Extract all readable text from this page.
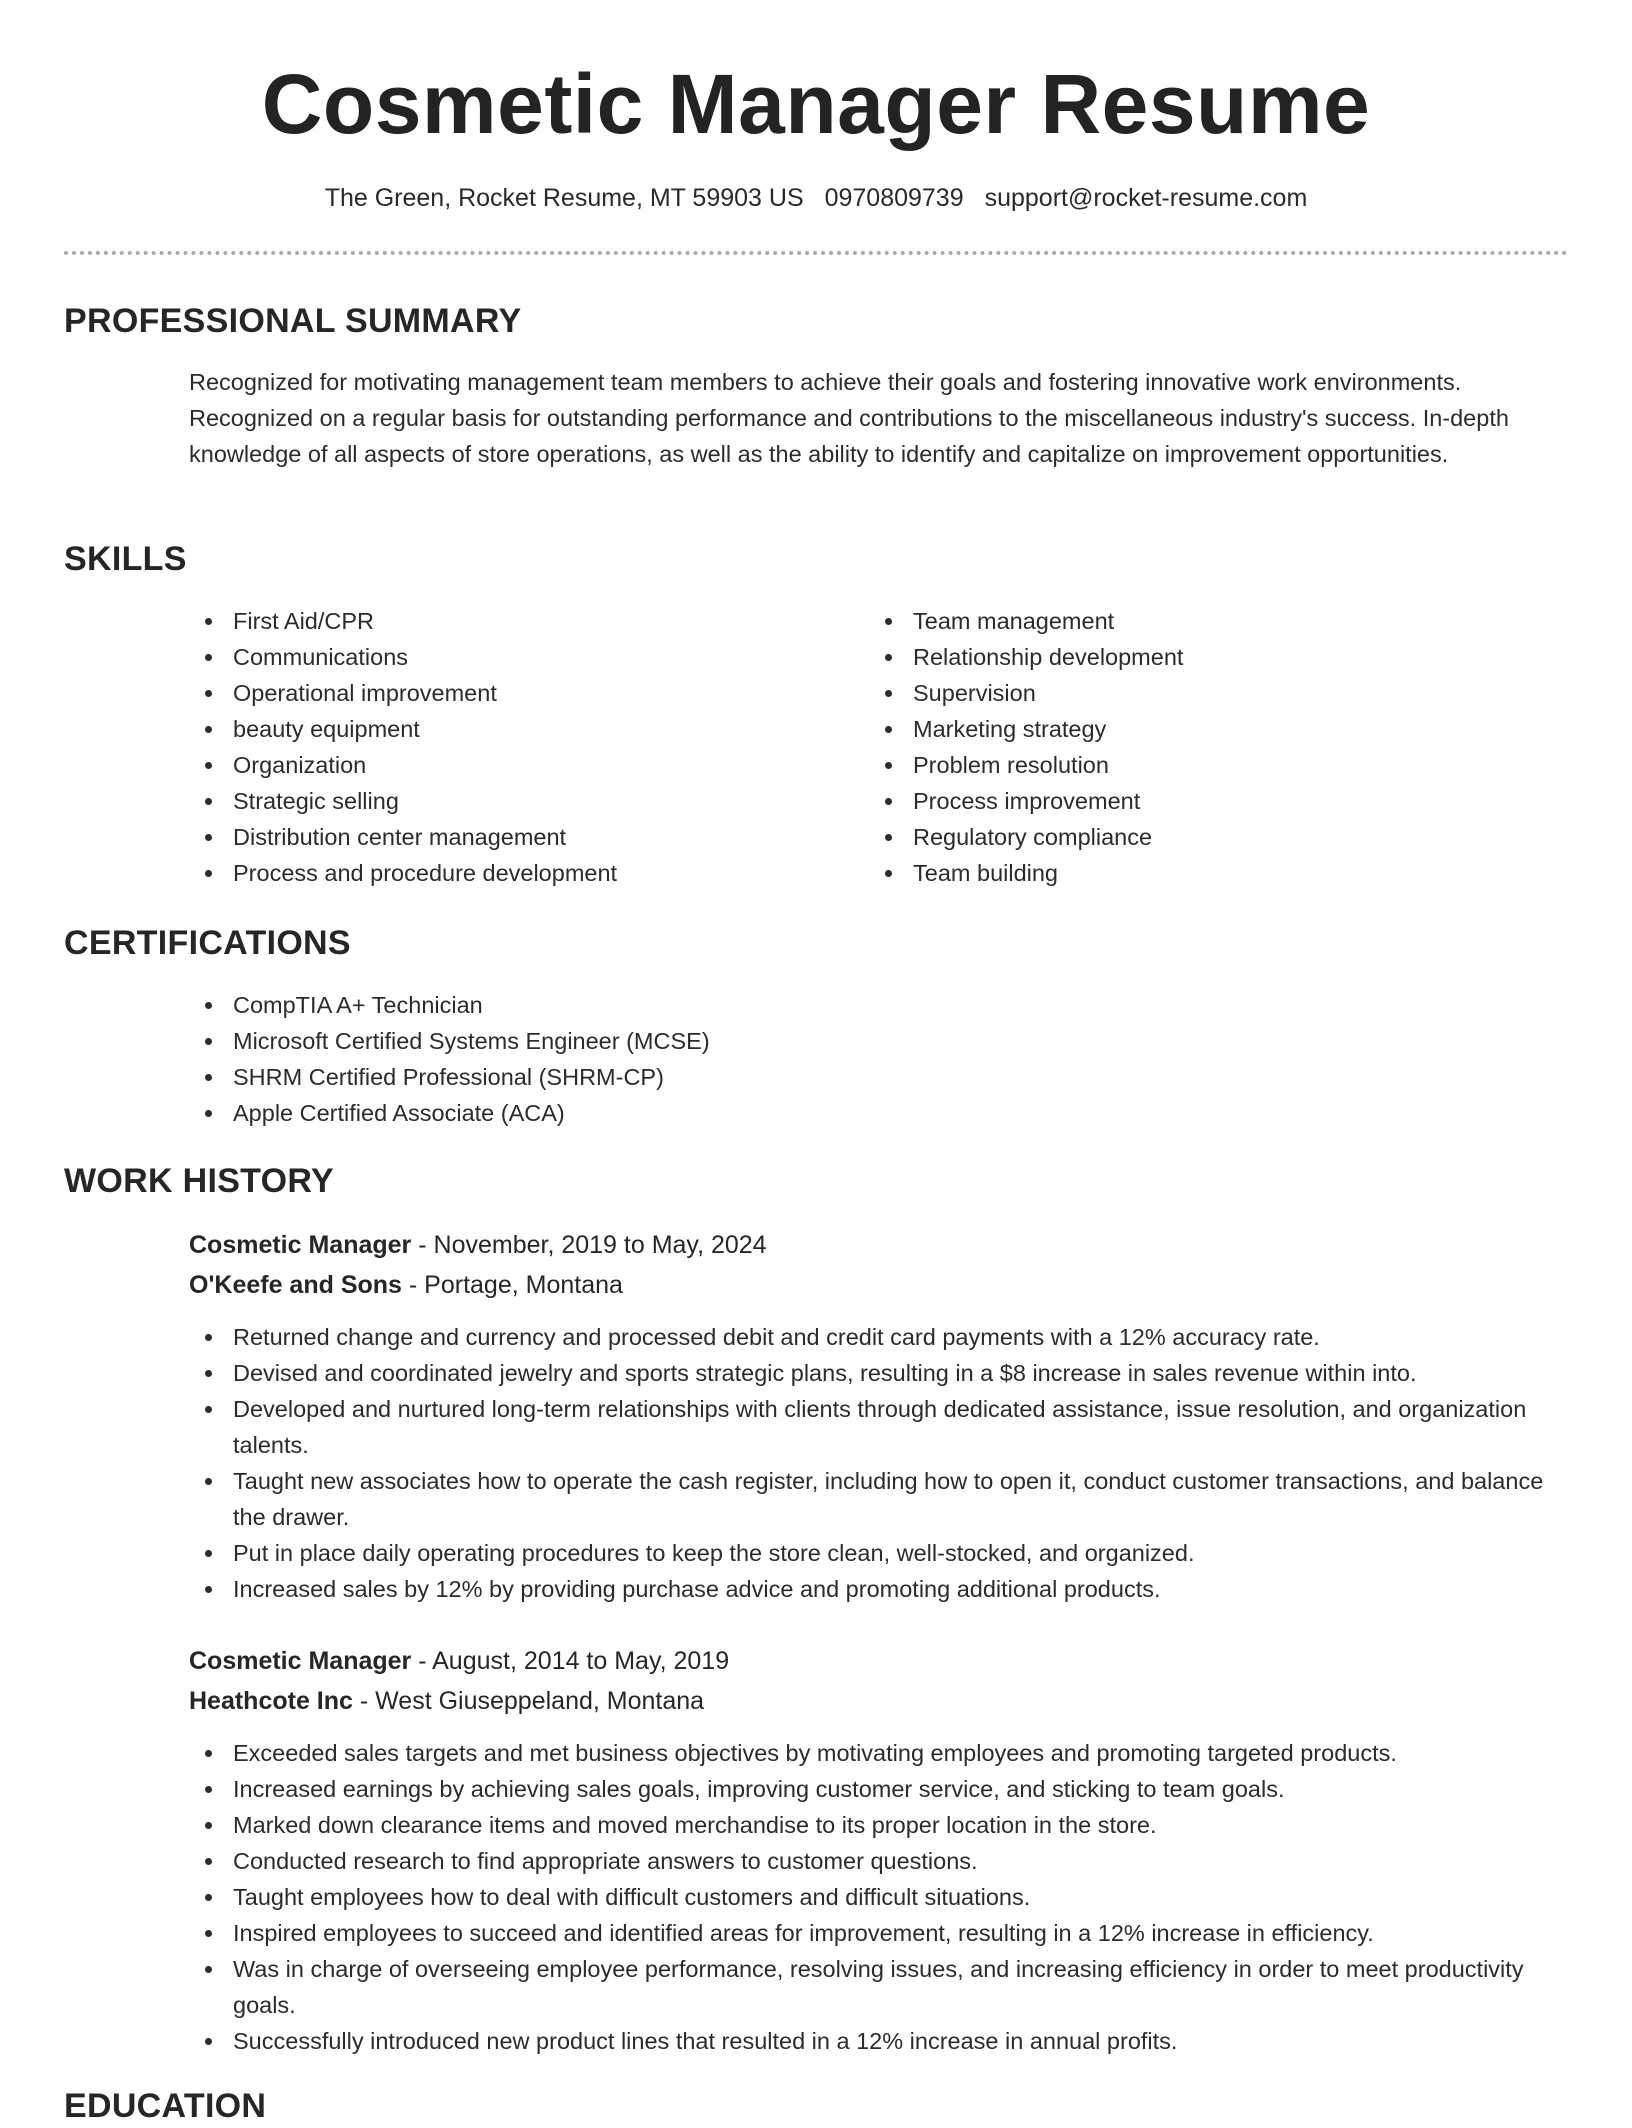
Cosmetic Manager Resume
The Green, Rocket Resume, MT 59903 US 0970809739 support@rocket-resume.com
PROFESSIONAL SUMMARY
Recognized for motivating management team members to achieve their goals and fostering innovative work environments. Recognized on a regular basis for outstanding performance and contributions to the miscellaneous industry's success. In-depth knowledge of all aspects of store operations, as well as the ability to identify and capitalize on improvement opportunities.
SKILLS
First Aid/CPR
Communications
Operational improvement
beauty equipment
Organization
Strategic selling
Distribution center management
Process and procedure development
Team management
Relationship development
Supervision
Marketing strategy
Problem resolution
Process improvement
Regulatory compliance
Team building
CERTIFICATIONS
CompTIA A+ Technician
Microsoft Certified Systems Engineer (MCSE)
SHRM Certified Professional (SHRM-CP)
Apple Certified Associate (ACA)
WORK HISTORY
Cosmetic Manager - November, 2019 to May, 2024
O'Keefe and Sons - Portage, Montana
Returned change and currency and processed debit and credit card payments with a 12% accuracy rate.
Devised and coordinated jewelry and sports strategic plans, resulting in a $8 increase in sales revenue within into.
Developed and nurtured long-term relationships with clients through dedicated assistance, issue resolution, and organization talents.
Taught new associates how to operate the cash register, including how to open it, conduct customer transactions, and balance the drawer.
Put in place daily operating procedures to keep the store clean, well-stocked, and organized.
Increased sales by 12% by providing purchase advice and promoting additional products.
Cosmetic Manager - August, 2014 to May, 2019
Heathcote Inc - West Giuseppeland, Montana
Exceeded sales targets and met business objectives by motivating employees and promoting targeted products.
Increased earnings by achieving sales goals, improving customer service, and sticking to team goals.
Marked down clearance items and moved merchandise to its proper location in the store.
Conducted research to find appropriate answers to customer questions.
Taught employees how to deal with difficult customers and difficult situations.
Inspired employees to succeed and identified areas for improvement, resulting in a 12% increase in efficiency.
Was in charge of overseeing employee performance, resolving issues, and increasing efficiency in order to meet productivity goals.
Successfully introduced new product lines that resulted in a 12% increase in annual profits.
EDUCATION
